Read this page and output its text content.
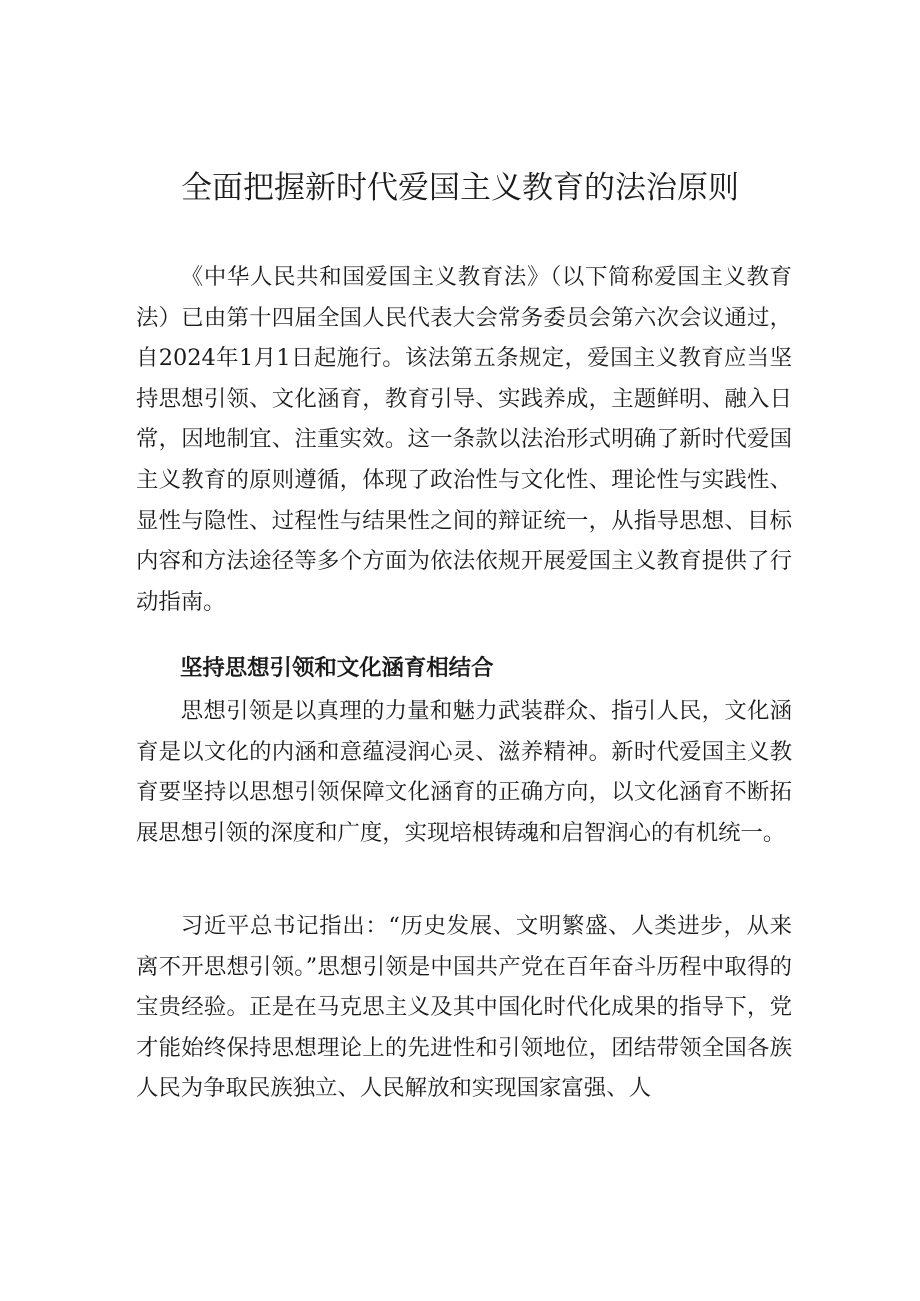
全面把握新时代爱国主义教育的法治原则

《中华人民共和国爱国主义教育法》（以下简称爱国主义教育法）已由第十四届全国人民代表大会常务委员会第六次会议通过，自2024年1月1日起施行。该法第五条规定，爱国主义教育应当坚持思想引领、文化涵育，教育引导、实践养成，主题鲜明、融入日常，因地制宜、注重实效。这一条款以法治形式明确了新时代爱国主义教育的原则遵循，体现了政治性与文化性、理论性与实践性、显性与隐性、过程性与结果性之间的辩证统一，从指导思想、目标内容和方法途径等多个方面为依法依规开展爱国主义教育提供了行动指南。

坚持思想引领和文化涵育相结合

思想引领是以真理的力量和魅力武装群众、指引人民，文化涵育是以文化的内涵和意蕴浸润心灵、滋养精神。新时代爱国主义教育要坚持以思想引领保障文化涵育的正确方向，以文化涵育不断拓展思想引领的深度和广度，实现培根铸魂和启智润心的有机统一。

习近平总书记指出：“历史发展、文明繁盛、人类进步，从来离不开思想引领。”思想引领是中国共产党在百年奋斗历程中取得的宝贵经验。正是在马克思主义及其中国化时代化成果的指导下，党才能始终保持思想理论上的先进性和引领地位，团结带领全国各族人民为争取民族独立、人民解放和实现国家富强、人
